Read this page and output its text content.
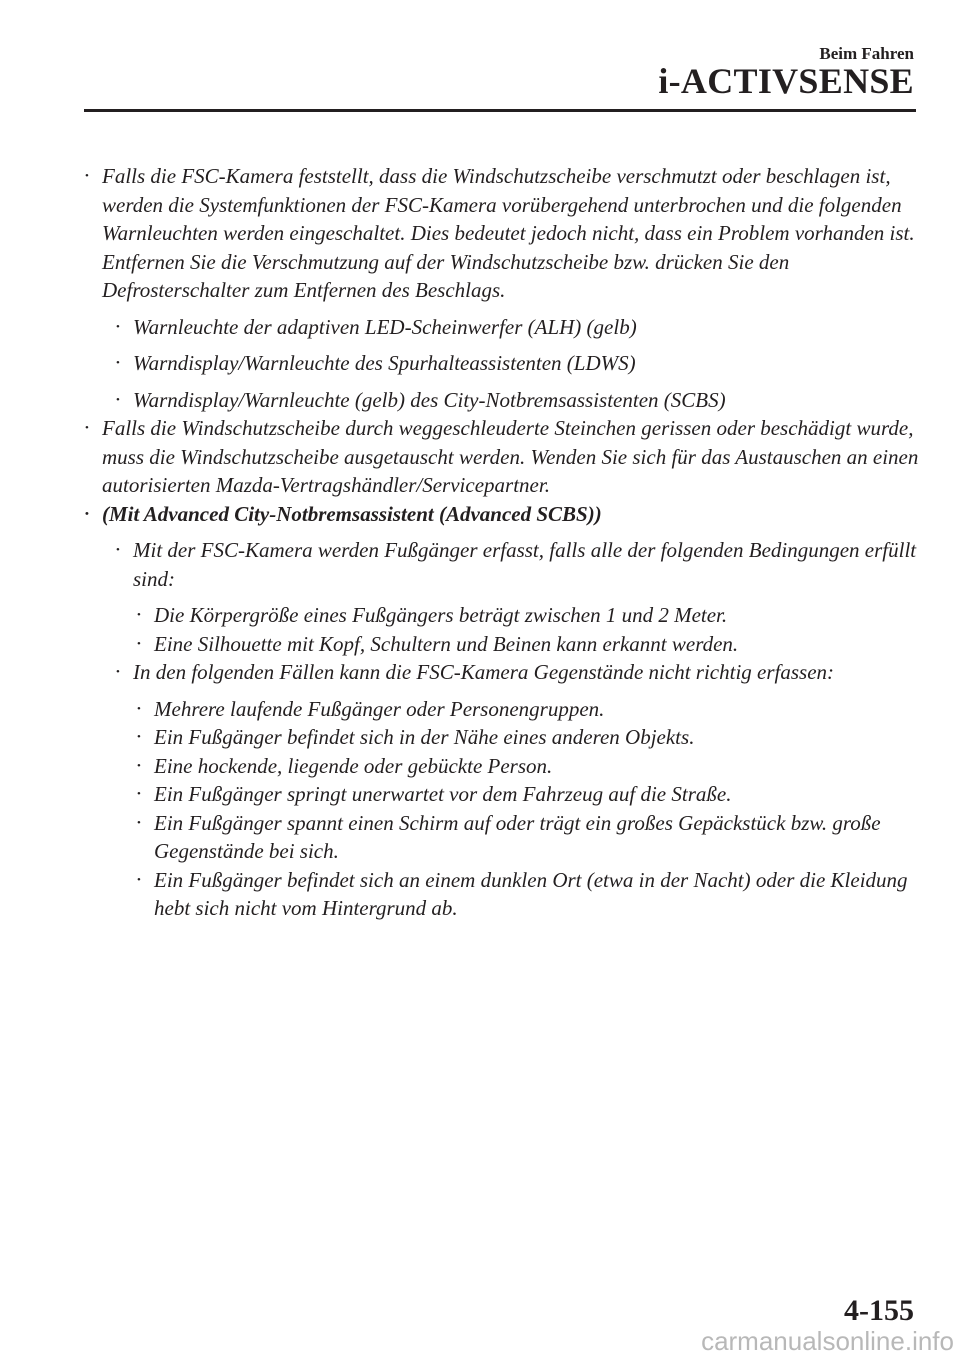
Beim Fahren
i-ACTIVSENSE
• Falls die FSC-Kamera feststellt, dass die Windschutzscheibe verschmutzt oder beschlagen ist, werden die Systemfunktionen der FSC-Kamera vorübergehend unterbrochen und die folgenden Warnleuchten werden eingeschaltet. Dies bedeutet jedoch nicht, dass ein Problem vorhanden ist. Entfernen Sie die Verschmutzung auf der Windschutzscheibe bzw. drücken Sie den Defrosterschalter zum Entfernen des Beschlags.
• Warnleuchte der adaptiven LED-Scheinwerfer (ALH) (gelb)
• Warndisplay/Warnleuchte des Spurhalteassistenten (LDWS)
• Warndisplay/Warnleuchte (gelb) des City-Notbremsassistenten (SCBS)
• Falls die Windschutzscheibe durch weggeschleuderte Steinchen gerissen oder beschädigt wurde, muss die Windschutzscheibe ausgetauscht werden. Wenden Sie sich für das Austauschen an einen autorisierten Mazda-Vertragshändler/Servicepartner.
• (Mit Advanced City-Notbremsassistent (Advanced SCBS))
• Mit der FSC-Kamera werden Fußgänger erfasst, falls alle der folgenden Bedingungen erfüllt sind:
• Die Körpergröße eines Fußgängers beträgt zwischen 1 und 2 Meter.
• Eine Silhouette mit Kopf, Schultern und Beinen kann erkannt werden.
• In den folgenden Fällen kann die FSC-Kamera Gegenstände nicht richtig erfassen:
• Mehrere laufende Fußgänger oder Personengruppen.
• Ein Fußgänger befindet sich in der Nähe eines anderen Objekts.
• Eine hockende, liegende oder gebückte Person.
• Ein Fußgänger springt unerwartet vor dem Fahrzeug auf die Straße.
• Ein Fußgänger spannt einen Schirm auf oder trägt ein großes Gepäckstück bzw. große Gegenstände bei sich.
• Ein Fußgänger befindet sich an einem dunklen Ort (etwa in der Nacht) oder die Kleidung hebt sich nicht vom Hintergrund ab.
4-155
carmanualsonline.info
